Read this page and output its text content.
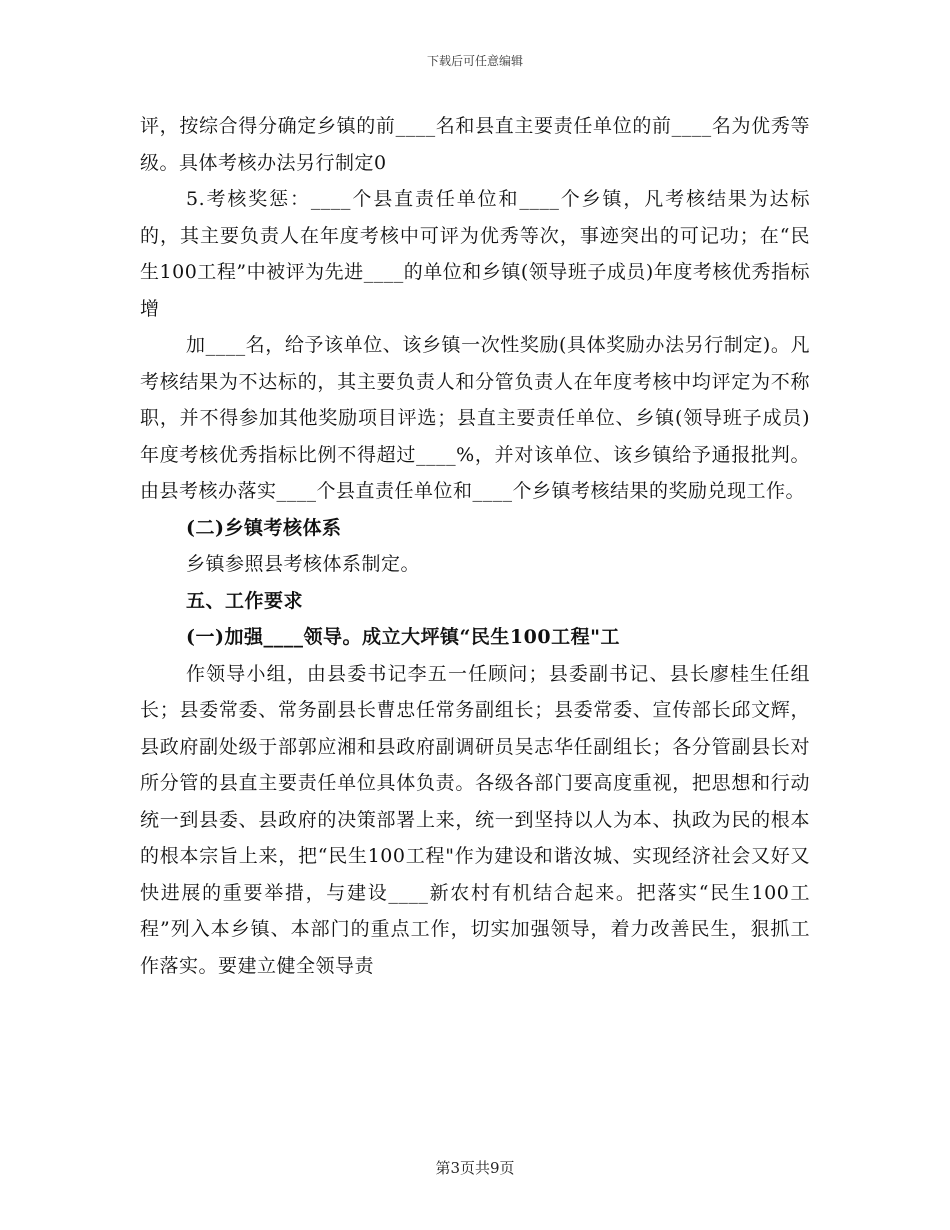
下载后可任意编辑

评，按综合得分确定乡镇的前____名和县直主要责任单位的前____名为优秀等级。具体考核办法另行制定0

5.考核奖惩：____个县直责任单位和____个乡镇，凡考核结果为达标的，其主要负责人在年度考核中可评为优秀等次，事迹突出的可记功；在“民生100工程”中被评为先进____的单位和乡镇(领导班子成员)年度考核优秀指标增

加____名，给予该单位、该乡镇一次性奖励(具体奖励办法另行制定)。凡考核结果为不达标的，其主要负责人和分管负责人在年度考核中均评定为不称职，并不得参加其他奖励项目评选；县直主要责任单位、乡镇(领导班子成员)年度考核优秀指标比例不得超过____%，并对该单位、该乡镇给予通报批判。由县考核办落实____个县直责任单位和____个乡镇考核结果的奖励兑现工作。

(二)乡镇考核体系

乡镇参照县考核体系制定。

五、工作要求

(一)加强____领导。成立大坪镇“民生100工程"工

作领导小组，由县委书记李五一任顾问；县委副书记、县长廖桂生任组长；县委常委、常务副县长曹忠任常务副组长；县委常委、宣传部长邱文辉，县政府副处级于部郭应湘和县政府副调研员吴志华任副组长；各分管副县长对所分管的县直主要责任单位具体负责。各级各部门要高度重视，把思想和行动统一到县委、县政府的决策部署上来，统一到坚持以人为本、执政为民的根本的根本宗旨上来，把“民生100工程"作为建设和谐汝城、实现经济社会又好又快进展的重要举措，与建设____新农村有机结合起来。把落实“民生100工程”列入本乡镇、本部门的重点工作，切实加强领导，着力改善民生，狠抓工作落实。要建立健全领导责

第3页共9页
